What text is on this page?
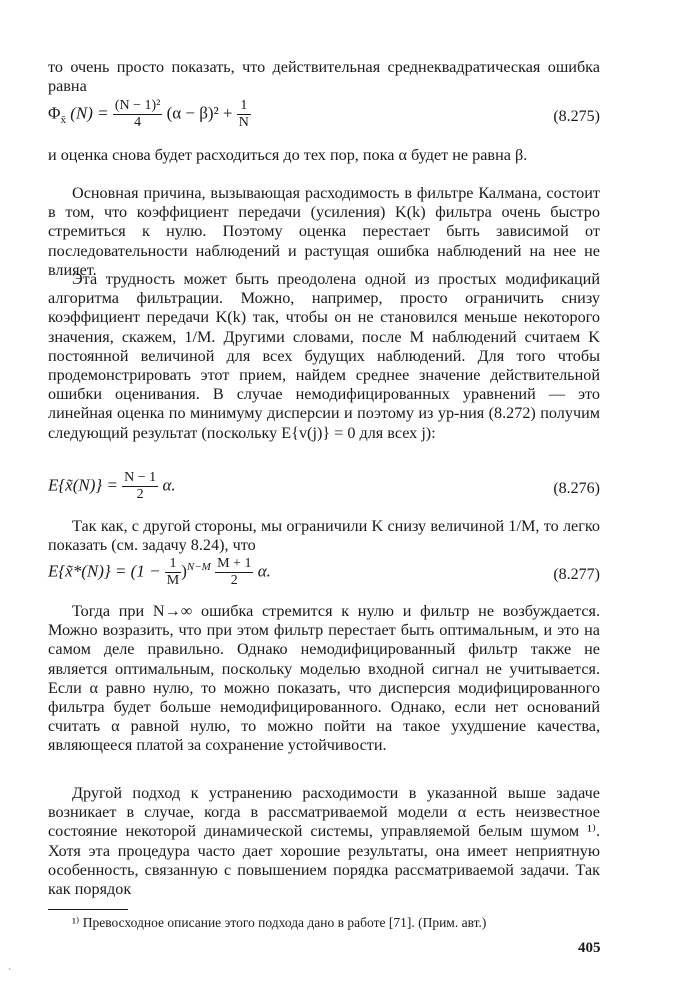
то очень просто показать, что действительная среднеквадратическая ошибка равна

$\Phi_{x̃}$ $(N) = \frac{\text{(N − 1)²}}{4} (\alpha - \beta)^2 + \frac{1}{N}$	(8.275)

и оценка снова будет расходиться до тех пор, пока α будет не равна β.

Основная причина, вызывающая расходимость в фильтре Калмана, состоит в том, что коэффициент передачи (усиления) K(k) фильтра очень быстро стремиться к нулю. Поэтому оценка перестает быть зависимой от последовательности наблюдений и растущая ошибка наблюдений на нее не влияет.

Эта трудность может быть преодолена одной из простых модификаций алгоритма фильтрации. Можно, например, просто ограничить снизу коэффициент передачи K(k) так, чтобы он не становился меньше некоторого значения, скажем, 1/M. Другими словами, после M наблюдений считаем K постоянной величиной для всех будущих наблюдений. Для того чтобы продемонстрировать этот прием, найдем среднее значение действительной ошибки оценивания. В случае немодифицированных уравнений — это линейная оценка по минимуму дисперсии и поэтому из ур-ния (8.272) получим следующий результат (поскольку E{v(j)} = 0 для всех j):

E{x̃(N)} = $\frac{N - 1}{2} \alpha$.	(8.276)

Так как, с другой стороны, мы ограничили K снизу величиной 1/M, то легко показать (см. задачу 8.24), что

E{x̃*(N)} = $(1 - \frac{1}{M} )^{N-M} \frac{M + 1}{2} \alpha$.	(8.277)

Тогда при N→∞ ошибка стремится к нулю и фильтр не возбуждается. Можно возразить, что при этом фильтр перестает быть оптимальным, и это на самом деле правильно. Однако немодифицированный фильтр также не является оптимальным, поскольку моделью входной сигнал не учитывается. Если α равно нулю, то можно показать, что дисперсия модифицированного фильтра будет больше немодифицированного. Однако, если нет оснований считать α равной нулю, то можно пойти на такое ухудшение качества, являющееся платой за сохранение устойчивости.

Другой подход к устранению расходимости в указанной выше задаче возникает в случае, когда в рассматриваемой модели α есть неизвестное состояние некоторой динамической системы, управляемой белым шумом ¹⁾. Хотя эта процедура часто дает хорошие результаты, она имеет неприятную особенность, связанную с повышением порядка рассматриваемой задачи. Так как порядок

¹⁾ Превосходное описание этого подхода дано в работе [71]. (Прим. авт.)
405
`
